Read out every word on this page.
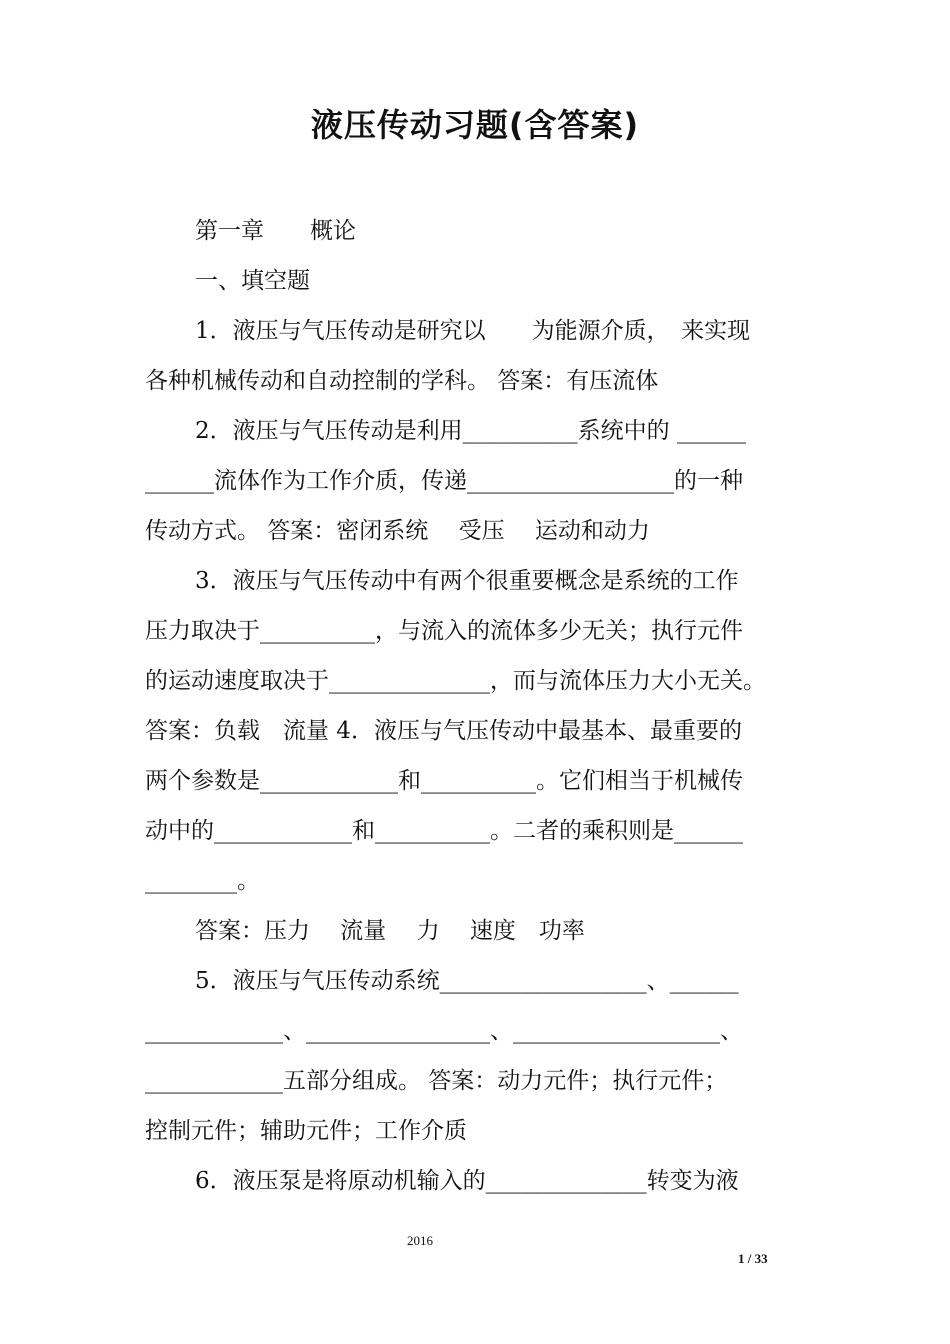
液压传动习题(含答案)
第一章　　概论
一、填空题
1．液压与气压传动是研究以　　为能源介质，　来实现
各种机械传动和自动控制的学科。 答案：有压流体
2．液压与气压传动是利用__________系统中的 ______
______流体作为工作介质，传递__________________的一种
传动方式。 答案：密闭系统　 受压　 运动和动力
3．液压与气压传动中有两个很重要概念是系统的工作
压力取决于__________，与流入的流体多少无关；执行元件
的运动速度取决于______________，而与流体压力大小无关。
答案：负载　流量 4．液压与气压传动中最基本、最重要的
两个参数是____________和__________。它们相当于机械传
动中的____________和__________。二者的乘积则是______
________。
答案：压力　 流量　 力　 速度　功率
5．液压与气压传动系统__________________、______
____________、________________、__________________、
____________五部分组成。 答案：动力元件；执行元件；
控制元件；辅助元件；工作介质
6．液压泵是将原动机输入的______________转变为液
2016
1 / 33
